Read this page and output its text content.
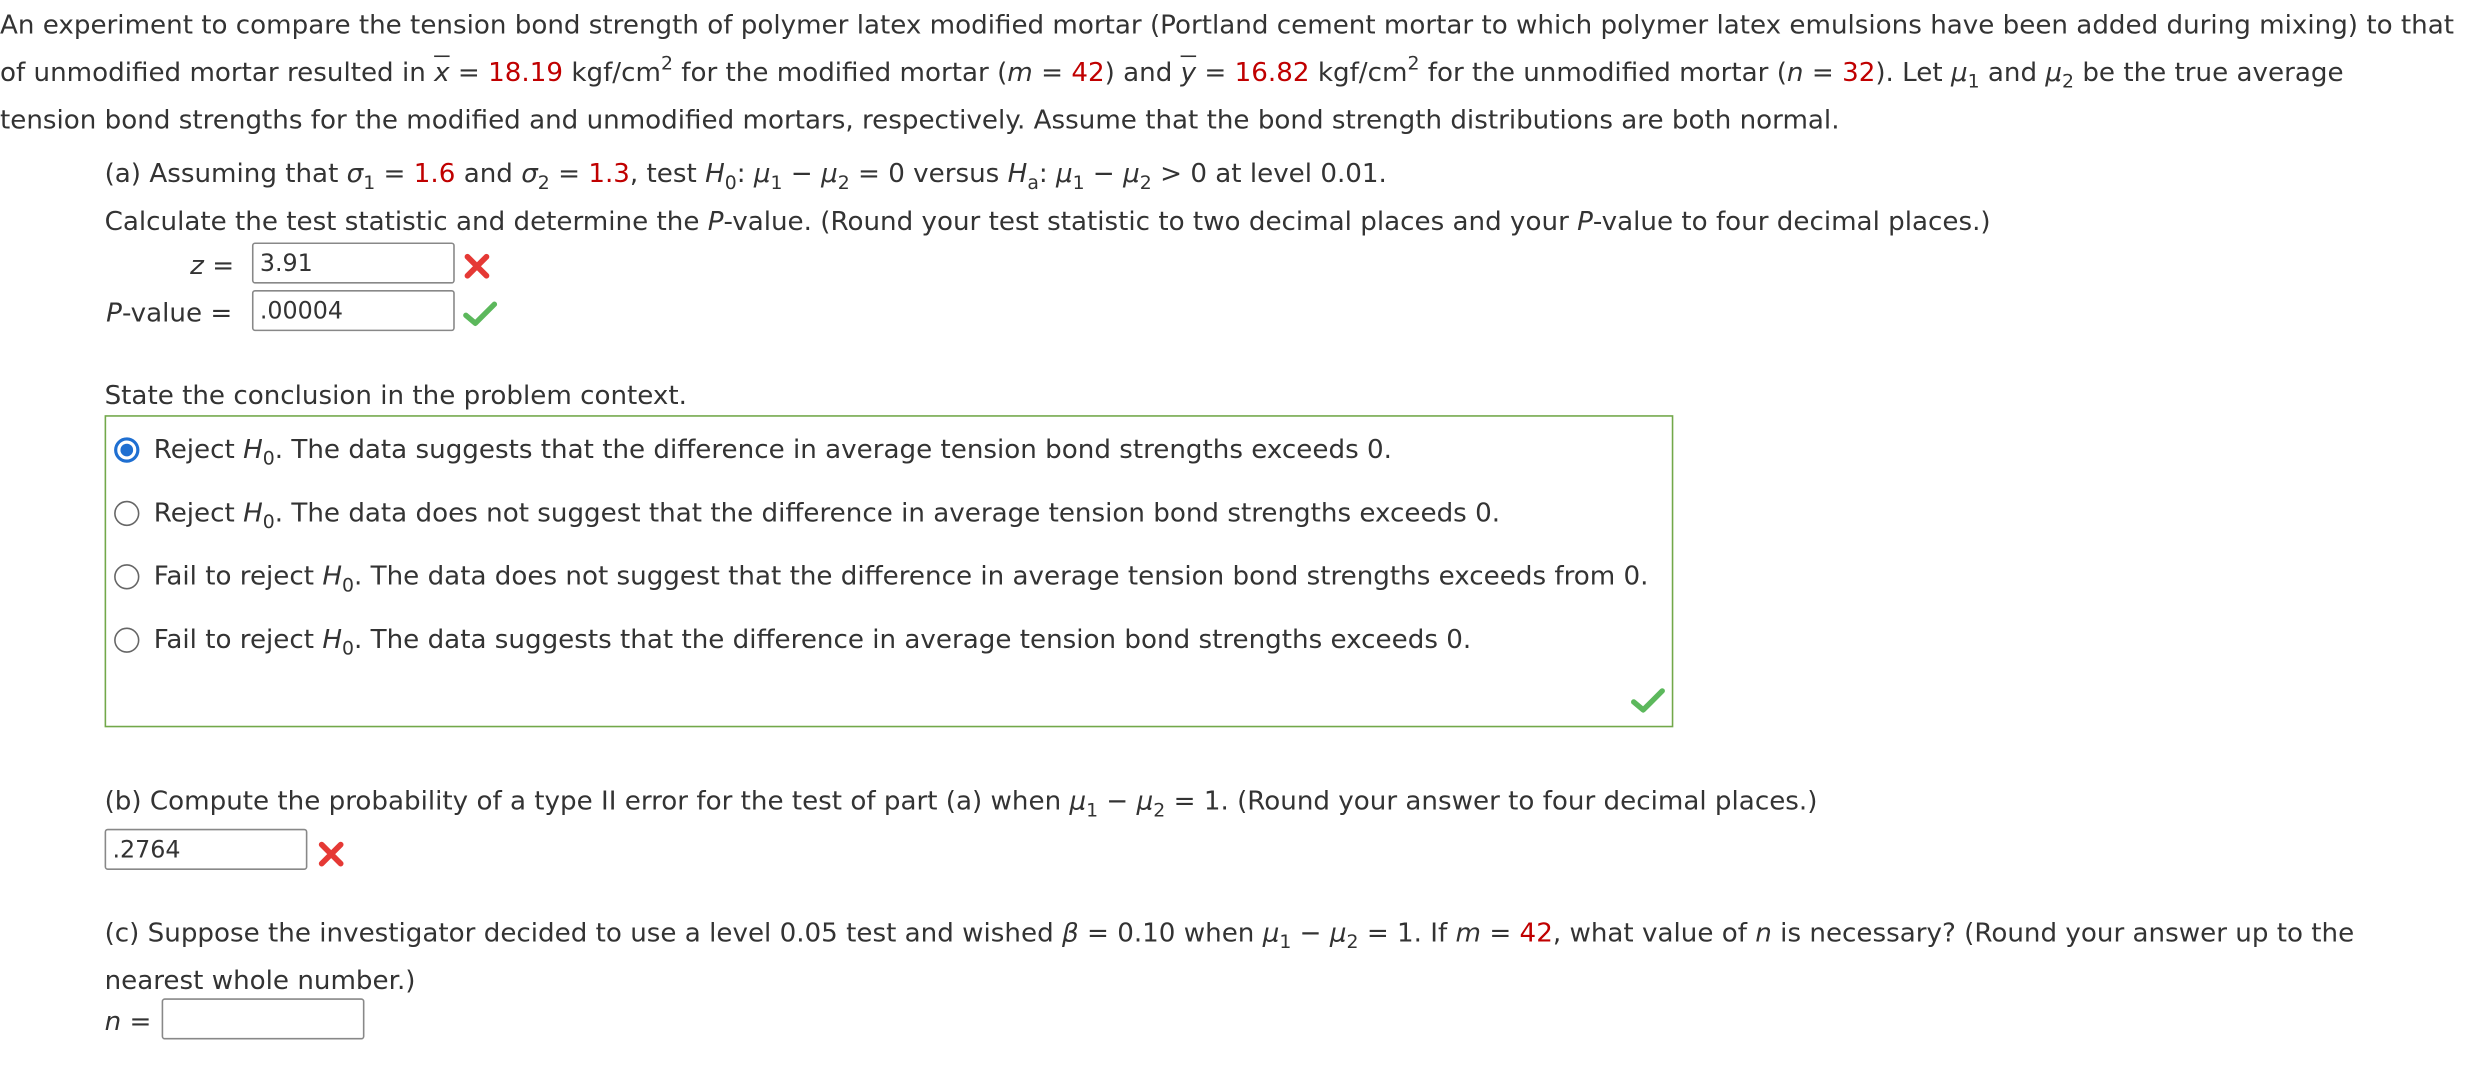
An experiment to compare the tension bond strength of polymer latex modified mortar (Portland cement mortar to which polymer latex emulsions have been added during mixing) to that
of unmodified mortar resulted in $\overline{x} = 18.19$ kgf/$cm^2$ for the modified mortar (m = 42) and $\overline{y} = 16.82$ kgf/$cm^2$ for the unmodified mortar (n = 32). Let $\mu_1$ and $\mu_2$ be the true average
tension bond strengths for the modified and unmodified mortars, respectively. Assume that the bond strength distributions are both normal.
(a) Assuming that $\sigma_1 = 1.6$ and $\sigma_2 = 1.3$, test $H_0$: $\mu_1 - \mu_2 = 0$ versus $H_a$: $\mu_1 - \mu_2 > 0$ at level 0.01.
Calculate the test statistic and determine the P-value. (Round your test statistic to two decimal places and your P-value to four decimal places.)
z =	3.91
P-value =	.00004
State the conclusion in the problem context.
Reject $H_0$. The data suggests that the difference in average tension bond strengths exceeds 0.
Reject $H_0$. The data does not suggest that the difference in average tension bond strengths exceeds 0.
Fail to reject $H_0$. The data does not suggest that the difference in average tension bond strengths exceeds from 0.
Fail to reject $H_0$. The data suggests that the difference in average tension bond strengths exceeds 0.
(b) Compute the probability of a type II error for the test of part (a) when $\mu_1 - \mu_2 = 1$. (Round your answer to four decimal places.)
.2764
(c) Suppose the investigator decided to use a level 0.05 test and wished β = 0.10 when $\mu_1 - \mu_2 = 1$. If m = 42, what value of n is necessary? (Round your answer up to the
nearest whole number.)
n =
